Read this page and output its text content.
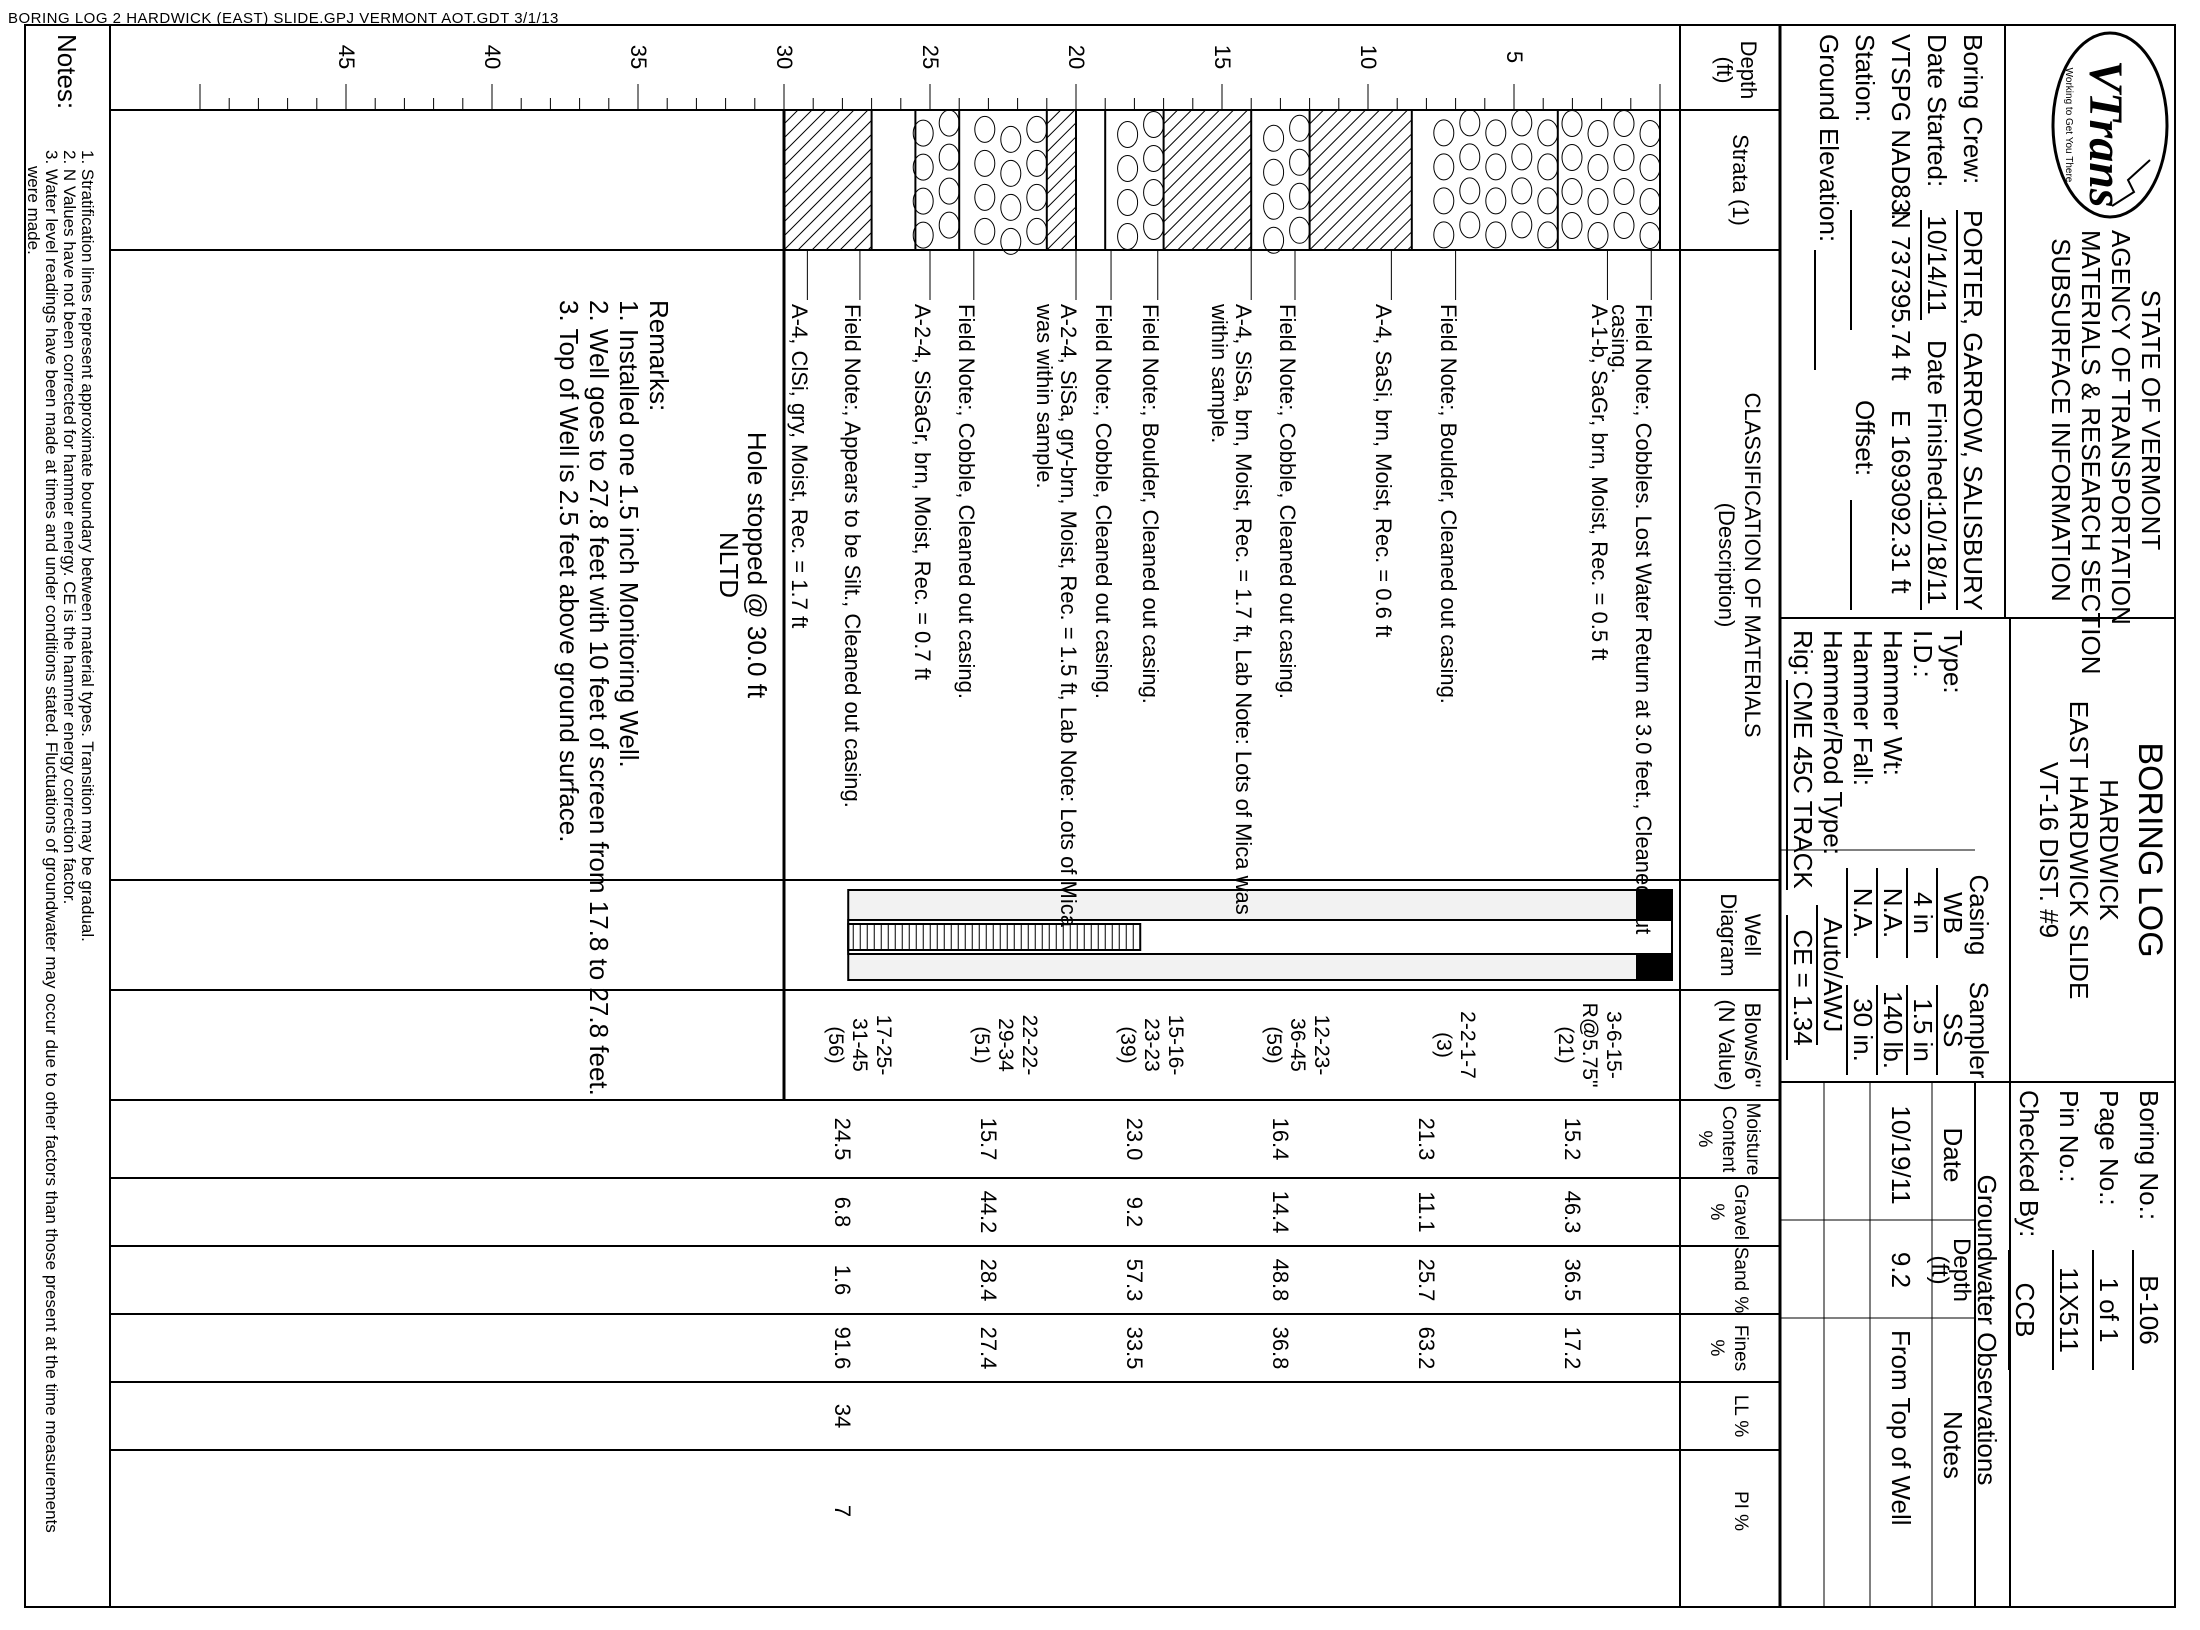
BORING LOG 2 HARDWICK (EAST) SLIDE.GPJ VERMONT AOT.GDT 3/1/13
VTrans
Working to Get You There
STATE OF VERMONT
AGENCY OF TRANSPORTATION
MATERIALS & RESEARCH SECTION
SUBSURFACE INFORMATION
BORING LOG
HARDWICK
EAST HARDWICK SLIDE
VT-16 DIST. #9
Boring No.:
B-106
Page No.:
1 of 1
Pin No.:
11X511
Checked By:
CCB
Boring Crew:
PORTER, GARROW, SALISBURY
Date Started:
10/14/11
Date Finished:
10/18/11
VTSPG NAD83:
N 737395.74 ft
E 1693092.31 ft
Station:
Offset:
Ground Elevation:
Casing
Sampler
Type:
WB
SS
I.D.:
4 in
1.5 in
Hammer Wt:
N.A.
140 lb.
Hammer Fall:
N.A.
30 in.
Hammer/Rod Type:
Auto/AWJ
Rig:
CME 45C TRACK
CE = 1.34
Groundwater Observations
Date
Depth (ft)
Notes
10/19/11
9.2
From Top of Well
Depth (ft)
Strata (1)
CLASSIFICATION OF MATERIALS
(Description)
Well Diagram
Blows/6"
(N Value)
Moisture Content %
Gravel %
Sand %
Fines %
LL %
PI %
5
10
15
20
25
30
35
40
45
Field Note:, Cobbles. Lost Water Return at 3.0 feet., Cleaned out
casing.
A-1-b, SaGr, brn, Moist, Rec. = 0.5 ft
Field Note:, Boulder, Cleaned out casing.
A-4, SaSi, brn, Moist, Rec. = 0.6 ft
Field Note:, Cobble, Cleaned out casing.
A-4, SiSa, brn, Moist, Rec. = 1.7 ft, Lab Note: Lots of Mica was
within sample.
Field Note:, Boulder, Cleaned out casing.
Field Note:, Cobble, Cleaned out casing.
A-2-4, SiSa, gry-brn, Moist, Rec. = 1.5 ft, Lab Note: Lots of Mica
was within sample.
Field Note:, Cobble, Cleaned out casing.
A-2-4, SiSaGr, brn, Moist, Rec. = 0.7 ft
Field Note:, Appears to be Silt., Cleaned out casing.
A-4, ClSi, gry, Moist, Rec. = 1.7 ft
Hole stopped @ 30.0 ft
NLTD
Remarks:
1. Installed one 1.5 inch Monitoring Well.
2. Well goes to 27.8 feet with 10 feet of screen from 17.8 to 27.8 feet.
3. Top of Well is 2.5 feet above ground surface.
3-6-15-
R@5.75"
(21)
15.2
46.3
36.5
17.2
2-2-1-7
(3)
21.3
11.1
25.7
63.2
12-23-
36-45
(59)
16.4
14.4
48.8
36.8
15-16-
23-23
(39)
23.0
9.2
57.3
33.5
22-22-
29-34
(51)
15.7
44.2
28.4
27.4
17-25-
31-45
(56)
24.5
6.8
1.6
91.6
34
7
Notes:
1. Stratification lines represent approximate boundary between material types. Transition may be gradual.
2. N Values have not been corrected for hammer energy. CE is the hammer energy correction factor.
3. Water level readings have been made at times and under conditions stated. Fluctuations of groundwater may occur due to other factors than those present at the time measurements
were made.
